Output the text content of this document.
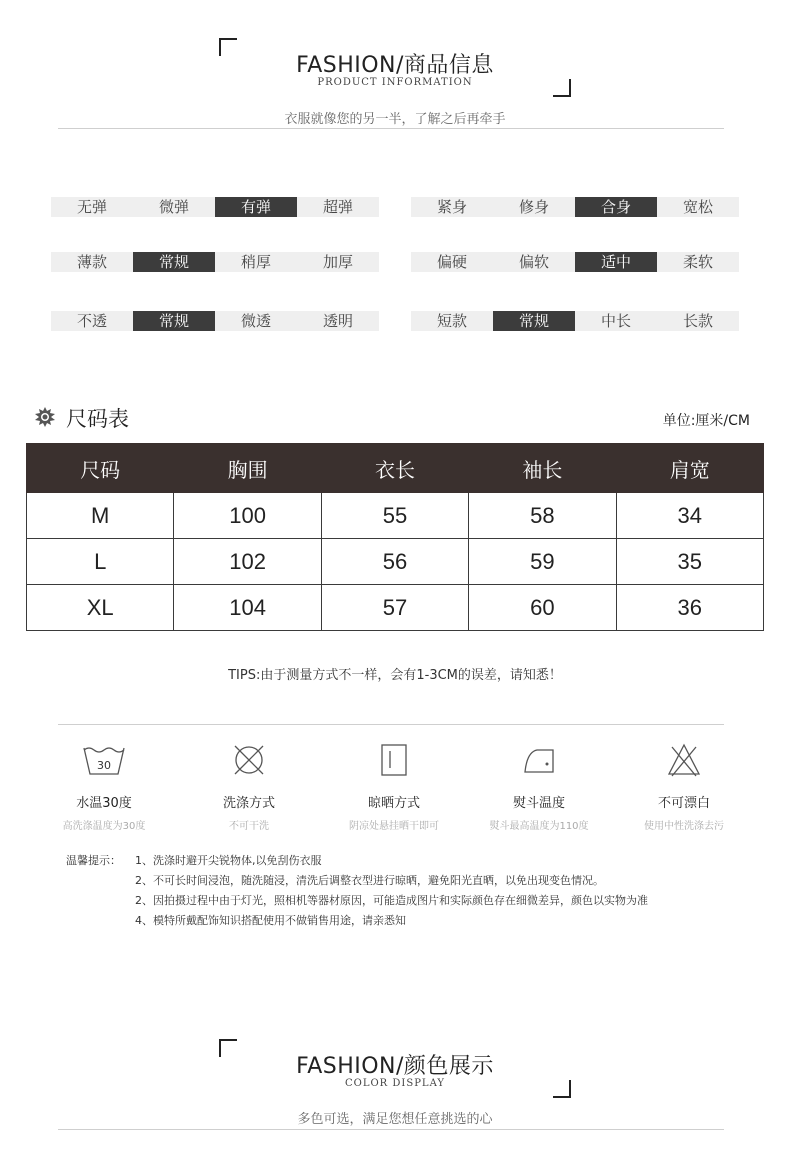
FASHION/商品信息
PRODUCT INFORMATION
衣服就像您的另一半，了解之后再牵手
无弹	微弹	有弹	超弹	紧身	修身	合身	宽松
薄款	常规	稍厚	加厚	偏硬	偏软	适中	柔软
不透	常规	微透	透明	短款	常规	中长	长款
尺码表	单位:厘米/CM
尺码	胸围	衣长	袖长	肩宽
M	100	55	58	34
L	102	56	59	35
XL	104	57	60	36
TIPS:由于测量方式不一样，会有1-3CM的误差，请知悉！
30
水温30度
高洗涤温度为30度
洗涤方式
不可干洗
晾晒方式
阴凉处悬挂晒干即可
熨斗温度
熨斗最高温度为110度
不可漂白
使用中性洗涤去污
温馨提示： 1、洗涤时避开尖锐物体,以免刮伤衣服
2、不可长时间浸泡，随洗随浸，清洗后调整衣型进行晾晒，避免阳光直晒，以免出现变色情况。
2、因拍摄过程中由于灯光，照相机等器材原因，可能造成图片和实际颜色存在细微差异，颜色以实物为准
4、模特所戴配饰知识搭配使用不做销售用途，请亲悉知
FASHION/颜色展示
COLOR DISPLAY
多色可选，满足您想任意挑选的心
